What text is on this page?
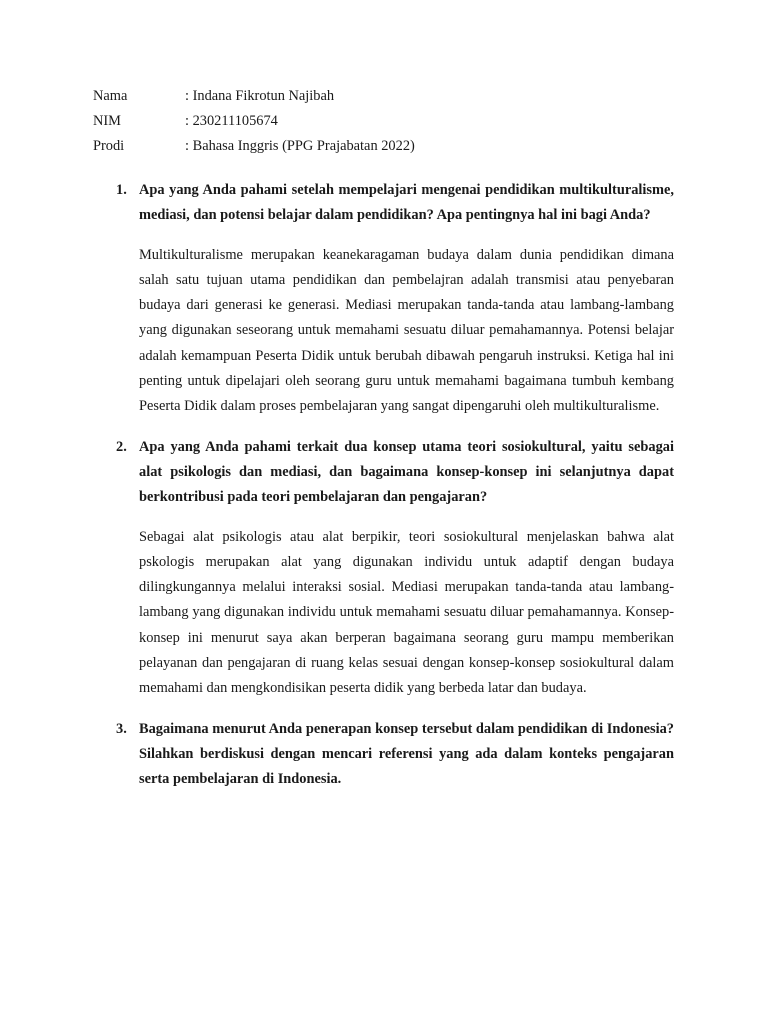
Nama	: Indana Fikrotun Najibah
NIM	: 230211105674
Prodi	: Bahasa Inggris (PPG Prajabatan 2022)
1. Apa yang Anda pahami setelah mempelajari mengenai pendidikan multikulturalisme, mediasi, dan potensi belajar dalam pendidikan? Apa pentingnya hal ini bagi Anda?

Multikulturalisme merupakan keanekaragaman budaya dalam dunia pendidikan dimana salah satu tujuan utama pendidikan dan pembelajran adalah transmisi atau penyebaran budaya dari generasi ke generasi. Mediasi merupakan tanda-tanda atau lambang-lambang yang digunakan seseorang untuk memahami sesuatu diluar pemahamannya. Potensi belajar adalah kemampuan Peserta Didik untuk berubah dibawah pengaruh instruksi. Ketiga hal ini penting untuk dipelajari oleh seorang guru untuk memahami bagaimana tumbuh kembang Peserta Didik dalam proses pembelajaran yang sangat dipengaruhi oleh multikulturalisme.

2. Apa yang Anda pahami terkait dua konsep utama teori sosiokultural, yaitu sebagai alat psikologis dan mediasi, dan bagaimana konsep-konsep ini selanjutnya dapat berkontribusi pada teori pembelajaran dan pengajaran?

Sebagai alat psikologis atau alat berpikir, teori sosiokultural menjelaskan bahwa alat pskologis merupakan alat yang digunakan individu untuk adaptif dengan budaya dilingkungannya melalui interaksi sosial. Mediasi merupakan tanda-tanda atau lambang-lambang yang digunakan individu untuk memahami sesuatu diluar pemahamannya. Konsep-konsep ini menurut saya akan berperan bagaimana seorang guru mampu memberikan pelayanan dan pengajaran di ruang kelas sesuai dengan konsep-konsep sosiokultural dalam memahami dan mengkondisikan peserta didik yang berbeda latar dan budaya.

3. Bagaimana menurut Anda penerapan konsep tersebut dalam pendidikan di Indonesia? Silahkan berdiskusi dengan mencari referensi yang ada dalam konteks pengajaran serta pembelajaran di Indonesia.
